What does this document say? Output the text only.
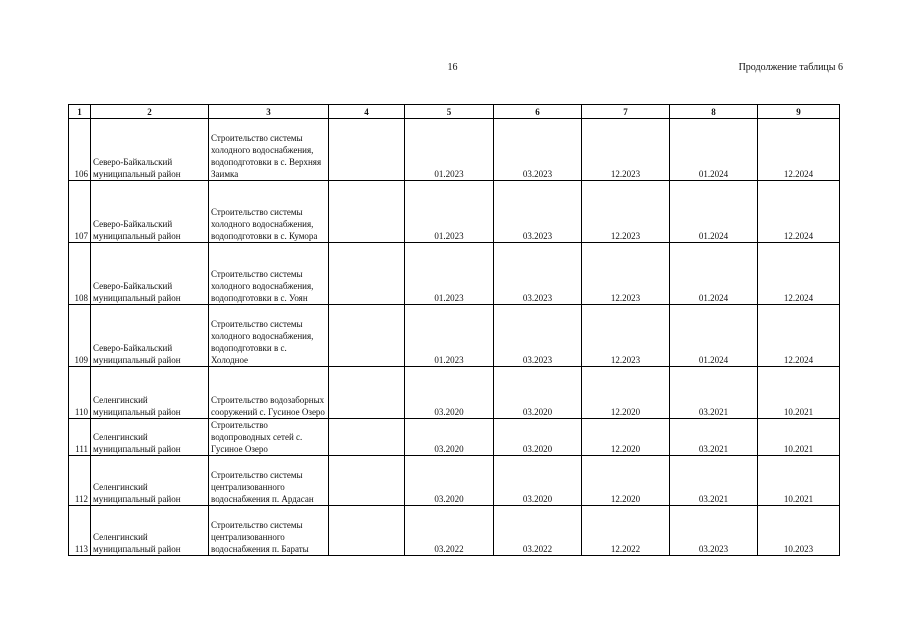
16	Продолжение таблицы 6
1	2	3	4	5	6	7	8	9
106	Северо-Байкальский муниципальный район	Строительство системы холодного водоснабжения, водоподготовки в с. Верхняя Заимка		01.2023	03.2023	12.2023	01.2024	12.2024
107	Северо-Байкальский муниципальный район	Строительство системы холодного водоснабжения, водоподготовки в с. Кумора		01.2023	03.2023	12.2023	01.2024	12.2024
108	Северо-Байкальский муниципальный район	Строительство системы холодного водоснабжения, водоподготовки в с. Уоян		01.2023	03.2023	12.2023	01.2024	12.2024
109	Северо-Байкальский муниципальный район	Строительство системы холодного водоснабжения, водоподготовки в с. Холодное		01.2023	03.2023	12.2023	01.2024	12.2024
110	Селенгинский муниципальный район	Строительство водозаборных сооружений с. Гусиное Озеро		03.2020	03.2020	12.2020	03.2021	10.2021
111	Селенгинский муниципальный район	Строительство водопроводных сетей с. Гусиное Озеро		03.2020	03.2020	12.2020	03.2021	10.2021
112	Селенгинский муниципальный район	Строительство системы централизованного водоснабжения п. Ардасан		03.2020	03.2020	12.2020	03.2021	10.2021
113	Селенгинский муниципальный район	Строительство системы централизованного водоснабжения п. Бараты		03.2022	03.2022	12.2022	03.2023	10.2023
